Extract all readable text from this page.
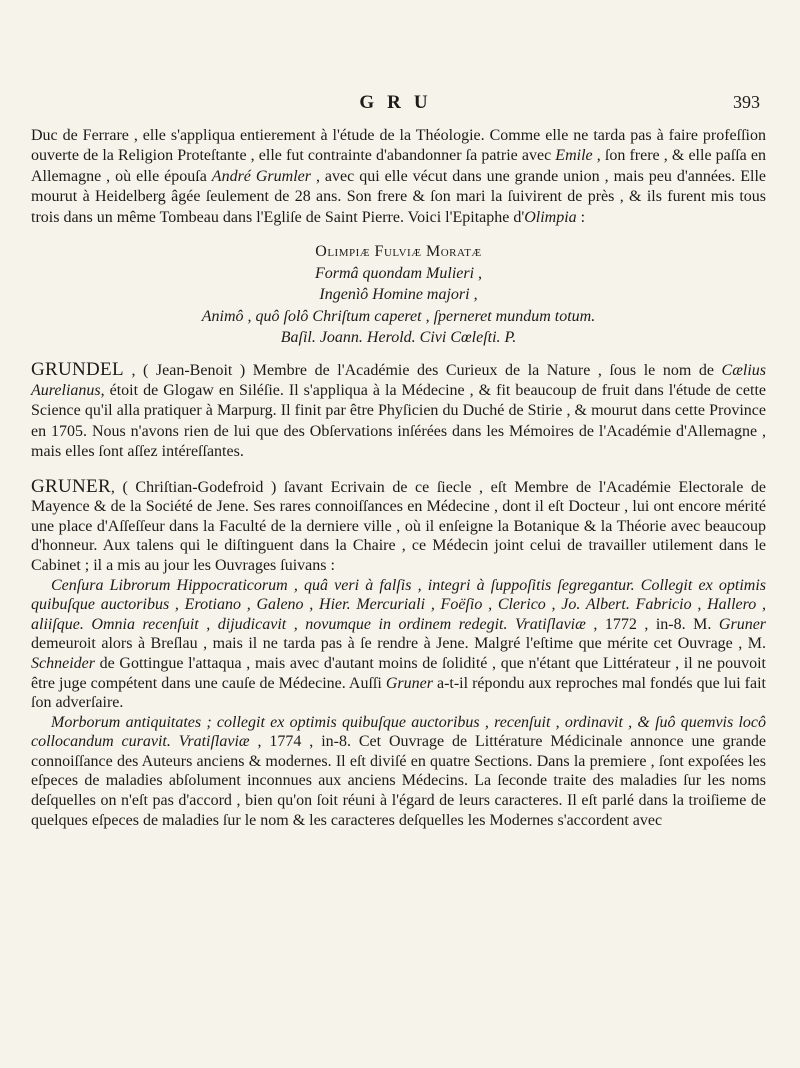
GRU	393

Duc de Ferrare , elle s'appliqua entierement à l'étude de la Théologie. Comme elle ne tarda pas à faire profeſſion ouverte de la Religion Proteſtante , elle fut contrainte d'abandonner ſa patrie avec Emile , ſon frere , & elle paſſa en Allemagne , où elle épouſa André Grumler , avec qui elle vécut dans une grande union , mais peu d'années. Elle mourut à Heidelberg âgée ſeulement de 28 ans. Son frere & ſon mari la ſuivirent de près , & ils furent mis tous trois dans un même Tombeau dans l'Egliſe de Saint Pierre. Voici l'Epitaphe d'Olimpia :

Olimpiæ Fulviæ Moratæ
Formâ quondam Mulieri ,
Ingenìô Homine majori ,
Animô , quô ſolô Chriſtum caperet , ſperneret mundum totum.
Baſil. Joann. Herold. Civi Cœleſti. P.

GRUNDEL , ( Jean-Benoit ) Membre de l'Académie des Curieux de la Nature , ſous le nom de Cælius Aurelianus, étoit de Glogaw en Siléſie. Il s'appliqua à la Médecine , & fit beaucoup de fruit dans l'étude de cette Science qu'il alla pratiquer à Marpurg. Il finit par être Phyſicien du Duché de Stirie , & mourut dans cette Province en 1705. Nous n'avons rien de lui que des Obſervations inſérées dans les Mémoires de l'Académie d'Allemagne , mais elles ſont aſſez intéreſſantes.

GRUNER, ( Chriſtian-Godefroid ) ſavant Ecrivain de ce ſiecle , eſt Membre de l'Académie Electorale de Mayence & de la Société de Jene. Ses rares connoiſſances en Médecine , dont il eſt Docteur , lui ont encore mérité une place d'Aſſeſſeur dans la Faculté de la derniere ville , où il enſeigne la Botanique & la Théorie avec beaucoup d'honneur. Aux talens qui le diſtinguent dans la Chaire , ce Médecin joint celui de travailler utilement dans le Cabinet ; il a mis au jour les Ouvrages ſuivans :

Cenſura Librorum Hippocraticorum , quâ veri à falſis , integri à ſuppoſitis ſegregantur. Collegit ex optimis quibuſque auctoribus , Erotiano , Galeno , Hier. Mercuriali , Foëſio , Clerico , Jo. Albert. Fabricio , Hallero , aliiſque. Omnia recenſuit , dijudicavit , novumque in ordinem redegit. Vratiſlaviæ , 1772 , in-8. M. Gruner demeuroit alors à Breſlau , mais il ne tarda pas à ſe rendre à Jene. Malgré l'eſtime que mérite cet Ouvrage , M. Schneider de Gottingue l'attaqua , mais avec d'autant moins de ſolidité , que n'étant que Littérateur , il ne pouvoit être juge compétent dans une cauſe de Médecine. Auſſi Gruner a-t-il répondu aux reproches mal fondés que lui fait ſon adverſaire.

Morborum antiquitates ; collegit ex optimis quibuſque auctoribus , recenſuit , ordinavit , & ſuô quemvis locô collocandum curavit. Vratiſlaviæ , 1774 , in-8. Cet Ouvrage de Littérature Médicinale annonce une grande connoiſſance des Auteurs anciens & modernes. Il eſt diviſé en quatre Sections. Dans la premiere , ſont expoſées les eſpeces de maladies abſolument inconnues aux anciens Médecins. La ſeconde traite des maladies ſur les noms deſquelles on n'eſt pas d'accord , bien qu'on ſoit réuni à l'égard de leurs caracteres. Il eſt parlé dans la troiſieme de quelques eſpeces de maladies ſur le nom & les caracteres deſquelles les Modernes s'accordent avec
